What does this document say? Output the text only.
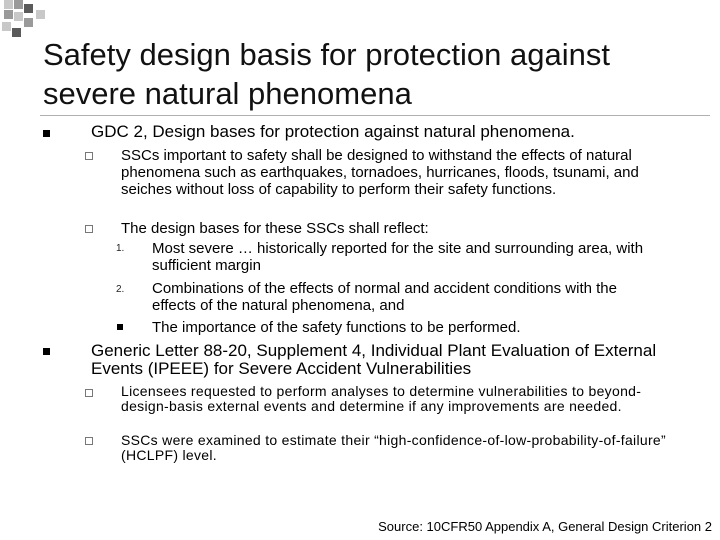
Safety design basis for protection against severe natural phenomena
GDC 2, Design bases for protection against natural phenomena.
SSCs important to safety shall be designed to withstand the effects of natural phenomena such as earthquakes, tornadoes, hurricanes, floods, tsunami, and seiches without loss of capability to perform their safety functions.
The design bases for these SSCs shall reflect:
1. Most severe … historically reported for the site and surrounding area, with sufficient margin
2. Combinations of the effects of normal and accident conditions with the effects of the natural phenomena, and
The importance of the safety functions to be performed.
Generic Letter 88-20, Supplement 4, Individual Plant Evaluation of External Events (IPEEE) for Severe Accident Vulnerabilities
Licensees requested to perform analyses to determine vulnerabilities to beyond-design-basis external events and determine if any improvements are needed.
SSCs were examined to estimate their “high-confidence-of-low-probability-of-failure” (HCLPF) level.
Source: 10CFR50 Appendix A, General Design Criterion 2
